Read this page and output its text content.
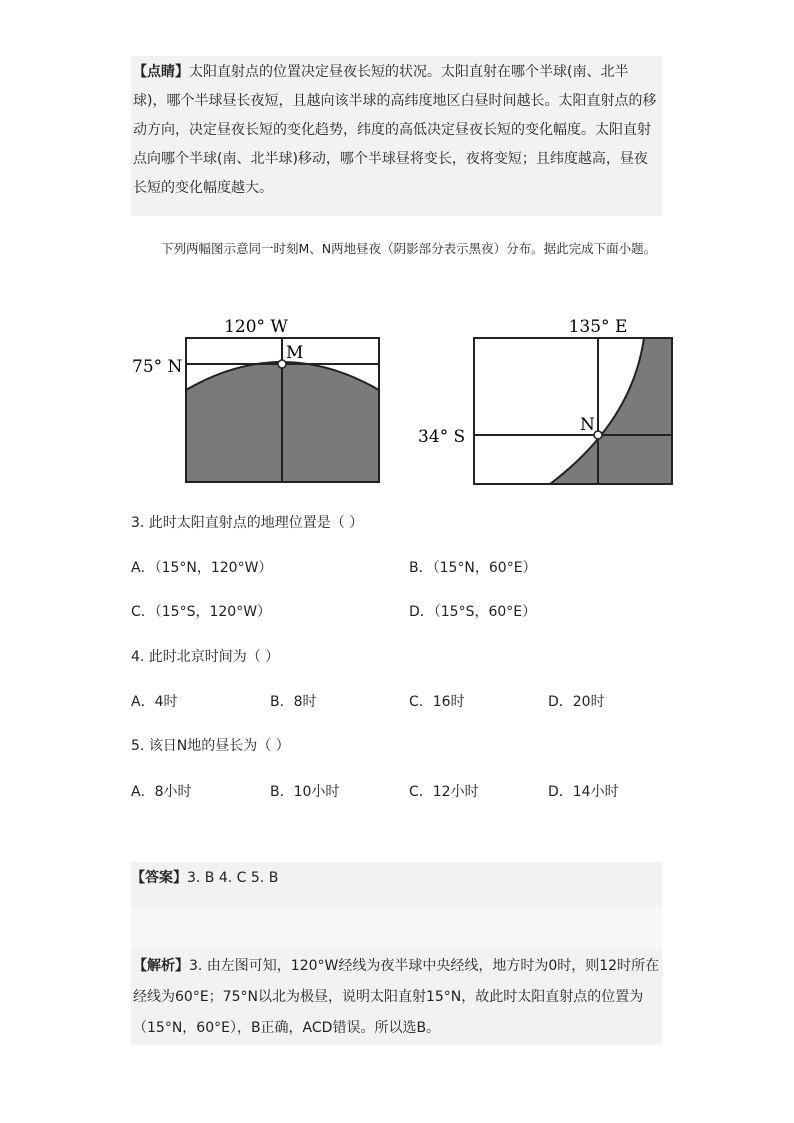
【点睛】太阳直射点的位置决定昼夜长短的状况。太阳直射在哪个半球(南、北半球)，哪个半球昼长夜短，且越向该半球的高纬度地区白昼时间越长。太阳直射点的移动方向，决定昼夜长短的变化趋势，纬度的高低决定昼夜长短的变化幅度。太阳直射点向哪个半球(南、北半球)移动，哪个半球昼将变长，夜将变短；且纬度越高，昼夜长短的变化幅度越大。

下列两幅图示意同一时刻M、N两地昼夜（阴影部分表示黑夜）分布。据此完成下面小题。
120° W
75° N
M
135° E
34° S
N
3. 此时太阳直射点的地理位置是（ ）
A．（15°N，120°W）	B．（15°N，60°E）
C．（15°S，120°W）	D．（15°S，60°E）
4. 此时北京时间为（ ）
A．4时	B．8时	C．16时	D．20时
5. 该日N地的昼长为（ ）
A．8小时	B．10小时	C．12小时	D．14小时
【答案】3. B 4. C 5. B

【解析】3. 由左图可知，120°W经线为夜半球中央经线，地方时为0时，则12时所在经线为60°E；75°N以北为极昼，说明太阳直射15°N，故此时太阳直射点的位置为（15°N，60°E），B正确，ACD错误。所以选B。
